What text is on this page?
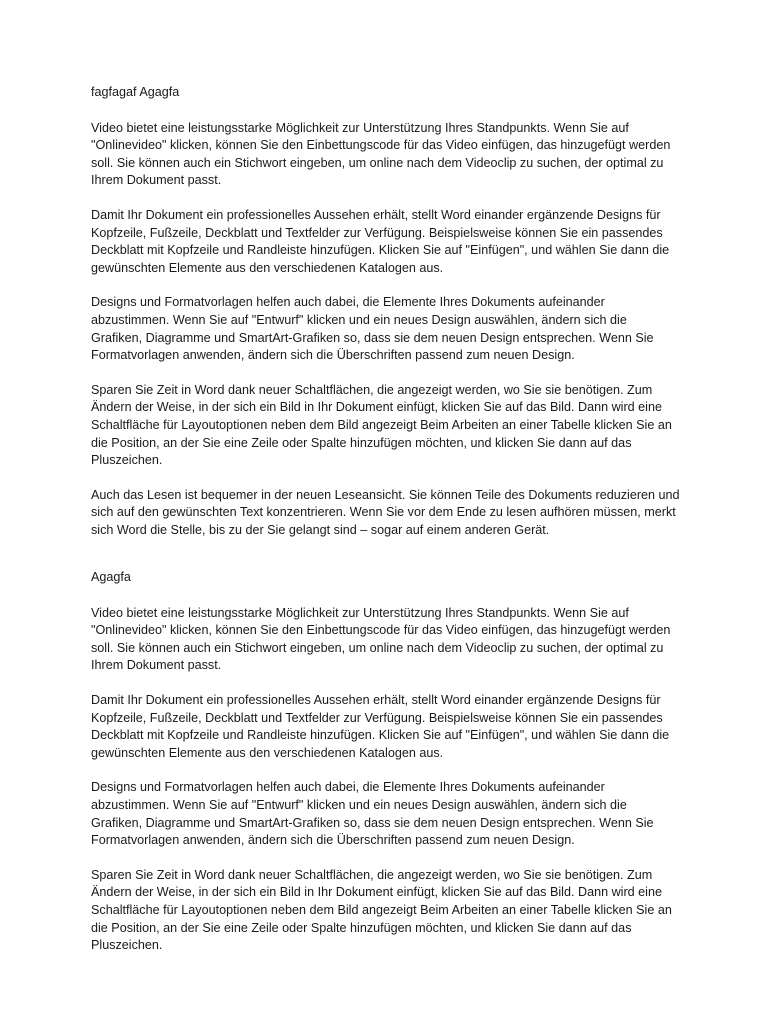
fagfagaf Agagfa

Video bietet eine leistungsstarke Möglichkeit zur Unterstützung Ihres Standpunkts. Wenn Sie auf "Onlinevideo" klicken, können Sie den Einbettungscode für das Video einfügen, das hinzugefügt werden soll. Sie können auch ein Stichwort eingeben, um online nach dem Videoclip zu suchen, der optimal zu Ihrem Dokument passt.

Damit Ihr Dokument ein professionelles Aussehen erhält, stellt Word einander ergänzende Designs für Kopfzeile, Fußzeile, Deckblatt und Textfelder zur Verfügung. Beispielsweise können Sie ein passendes Deckblatt mit Kopfzeile und Randleiste hinzufügen. Klicken Sie auf "Einfügen", und wählen Sie dann die gewünschten Elemente aus den verschiedenen Katalogen aus.

Designs und Formatvorlagen helfen auch dabei, die Elemente Ihres Dokuments aufeinander abzustimmen. Wenn Sie auf "Entwurf" klicken und ein neues Design auswählen, ändern sich die Grafiken, Diagramme und SmartArt-Grafiken so, dass sie dem neuen Design entsprechen. Wenn Sie Formatvorlagen anwenden, ändern sich die Überschriften passend zum neuen Design.

Sparen Sie Zeit in Word dank neuer Schaltflächen, die angezeigt werden, wo Sie sie benötigen. Zum Ändern der Weise, in der sich ein Bild in Ihr Dokument einfügt, klicken Sie auf das Bild. Dann wird eine Schaltfläche für Layoutoptionen neben dem Bild angezeigt Beim Arbeiten an einer Tabelle klicken Sie an die Position, an der Sie eine Zeile oder Spalte hinzufügen möchten, und klicken Sie dann auf das Pluszeichen.

Auch das Lesen ist bequemer in der neuen Leseansicht. Sie können Teile des Dokuments reduzieren und sich auf den gewünschten Text konzentrieren. Wenn Sie vor dem Ende zu lesen aufhören müssen, merkt sich Word die Stelle, bis zu der Sie gelangt sind – sogar auf einem anderen Gerät.

Agagfa

Video bietet eine leistungsstarke Möglichkeit zur Unterstützung Ihres Standpunkts. Wenn Sie auf "Onlinevideo" klicken, können Sie den Einbettungscode für das Video einfügen, das hinzugefügt werden soll. Sie können auch ein Stichwort eingeben, um online nach dem Videoclip zu suchen, der optimal zu Ihrem Dokument passt.

Damit Ihr Dokument ein professionelles Aussehen erhält, stellt Word einander ergänzende Designs für Kopfzeile, Fußzeile, Deckblatt und Textfelder zur Verfügung. Beispielsweise können Sie ein passendes Deckblatt mit Kopfzeile und Randleiste hinzufügen. Klicken Sie auf "Einfügen", und wählen Sie dann die gewünschten Elemente aus den verschiedenen Katalogen aus.

Designs und Formatvorlagen helfen auch dabei, die Elemente Ihres Dokuments aufeinander abzustimmen. Wenn Sie auf "Entwurf" klicken und ein neues Design auswählen, ändern sich die Grafiken, Diagramme und SmartArt-Grafiken so, dass sie dem neuen Design entsprechen. Wenn Sie Formatvorlagen anwenden, ändern sich die Überschriften passend zum neuen Design.

Sparen Sie Zeit in Word dank neuer Schaltflächen, die angezeigt werden, wo Sie sie benötigen. Zum Ändern der Weise, in der sich ein Bild in Ihr Dokument einfügt, klicken Sie auf das Bild. Dann wird eine Schaltfläche für Layoutoptionen neben dem Bild angezeigt Beim Arbeiten an einer Tabelle klicken Sie an die Position, an der Sie eine Zeile oder Spalte hinzufügen möchten, und klicken Sie dann auf das Pluszeichen.
